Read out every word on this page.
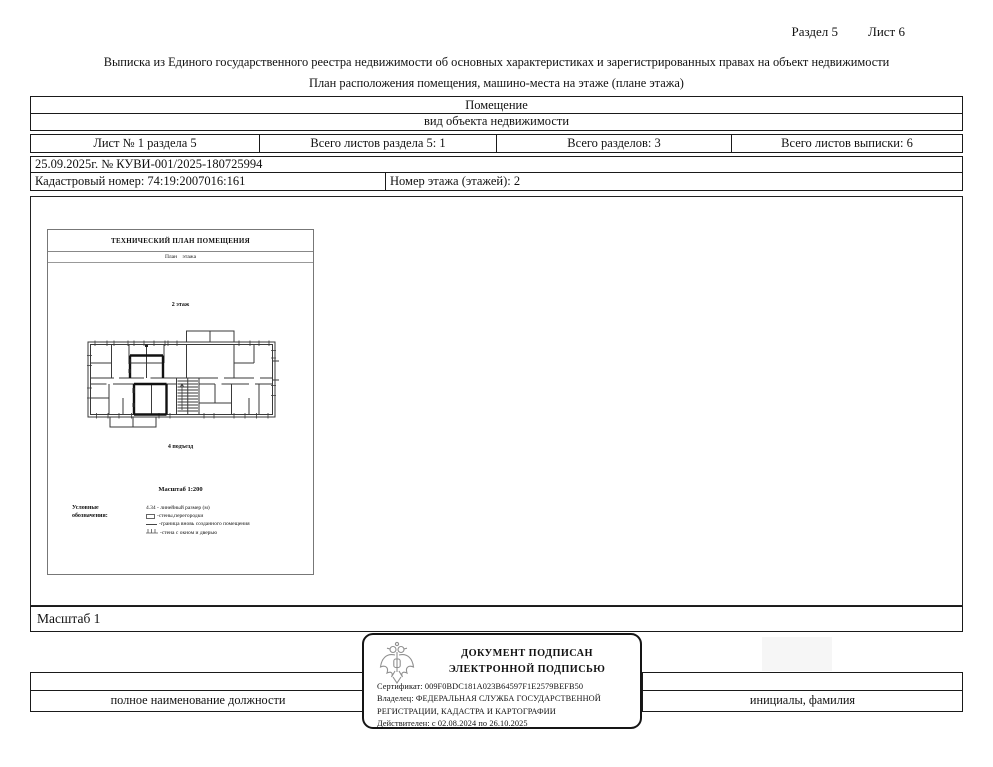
Раздел 5 Лист 6
Выписка из Единого государственного реестра недвижимости об основных характеристиках и зарегистрированных правах на объект недвижимости
План расположения помещения, машино-места на этаже (плане этажа)
Помещение
вид объекта недвижимости
Лист № 1 раздела 5	Всего листов раздела 5: 1	Всего разделов: 3	Всего листов выписки: 6
25.09.2025г. № КУВИ-001/2025-180725994
Кадастровый номер: 74:19:2007016:161	Номер этажа (этажей): 2
ТЕХНИЧЕСКИЙ ПЛАН ПОМЕЩЕНИЯ
План    этажа
2 этаж
4 подъезд
Масштаб 1:200
Условные обозначения:
4.34 - линейный размер (м)
-стены,перегородки
-граница вновь созданного помещения
-стена с окном и дверью
Масштаб 1
полное наименование должности	инициалы, фамилия
ДОКУМЕНТ ПОДПИСАН
ЭЛЕКТРОННОЙ ПОДПИСЬЮ
Сертификат: 009F0BDC181A023B64597F1E2579BEFB50
Владелец: ФЕДЕРАЛЬНАЯ СЛУЖБА ГОСУДАРСТВЕННОЙ
РЕГИСТРАЦИИ, КАДАСТРА И КАРТОГРАФИИ
Действителен: с 02.08.2024 по 26.10.2025
